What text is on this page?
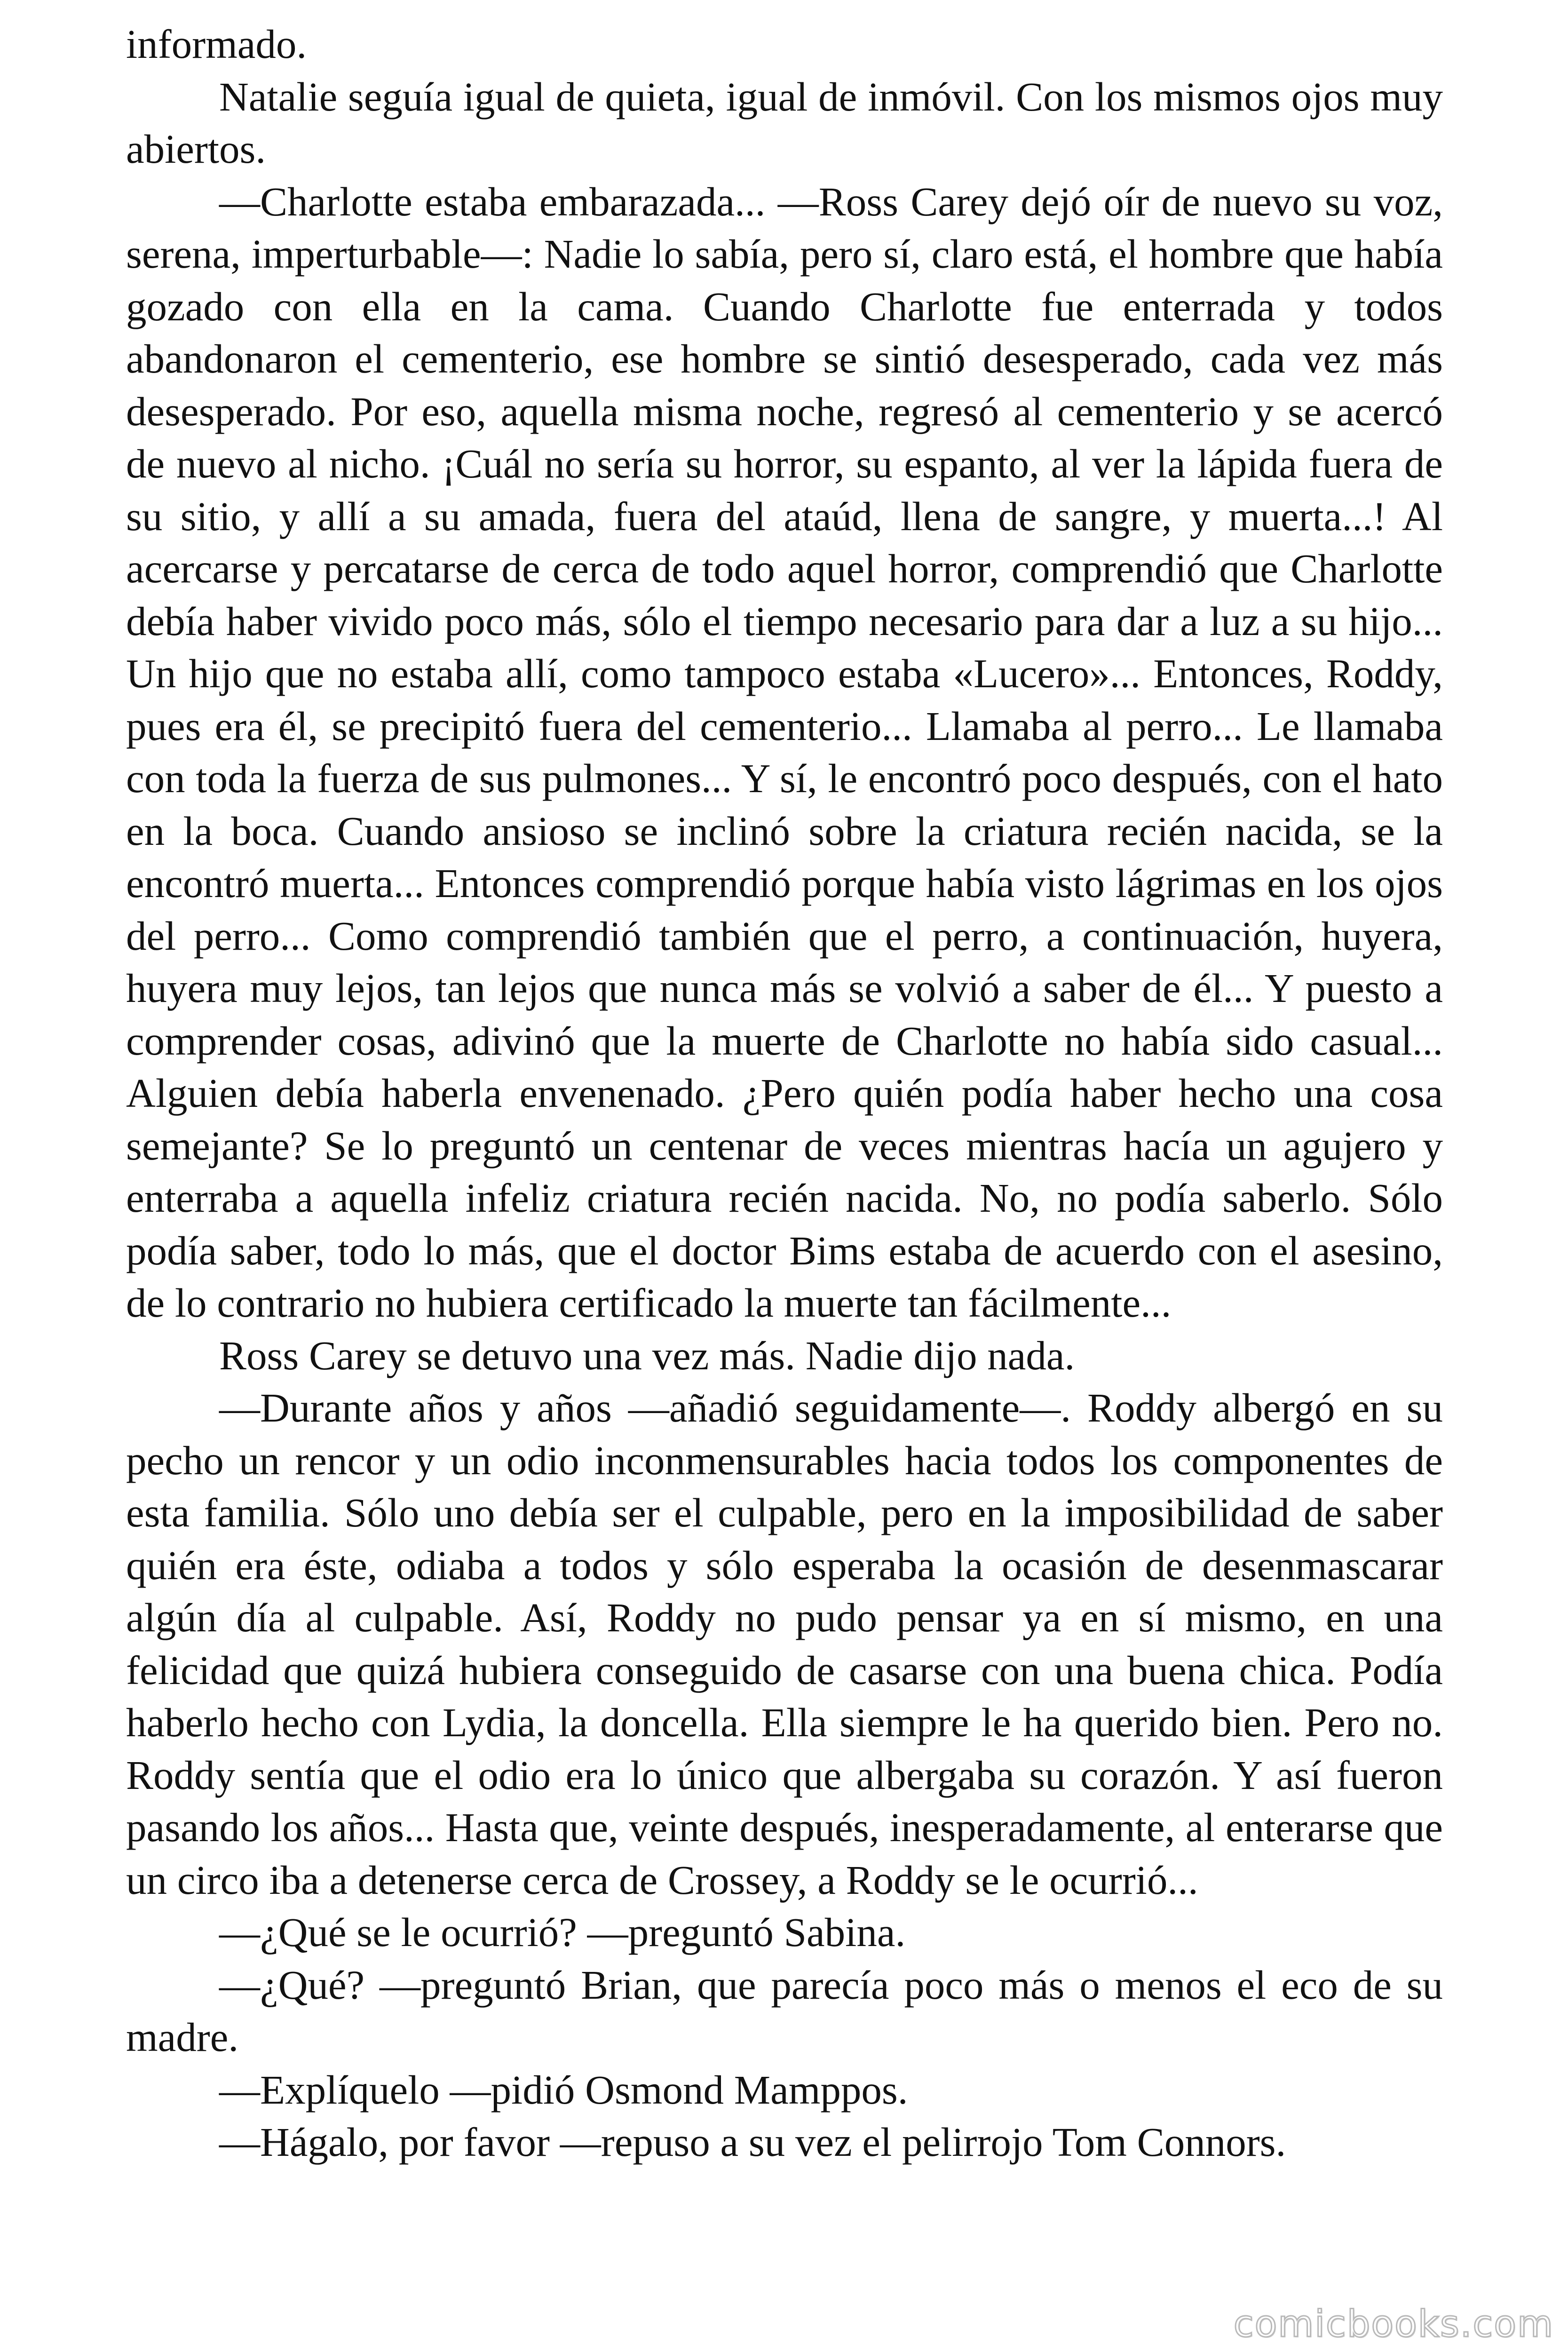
informado.

Natalie seguía igual de quieta, igual de inmóvil. Con los mismos ojos muy abiertos.

—Charlotte estaba embarazada... —Ross Carey dejó oír de nuevo su voz, serena, imperturbable—: Nadie lo sabía, pero sí, claro está, el hombre que había gozado con ella en la cama. Cuando Charlotte fue enterrada y todos abandonaron el cementerio, ese hombre se sintió desesperado, cada vez más desesperado. Por eso, aquella misma noche, regresó al cementerio y se acercó de nuevo al nicho. ¡Cuál no sería su horror, su espanto, al ver la lápida fuera de su sitio, y allí a su amada, fuera del ataúd, llena de sangre, y muerta...! Al acercarse y percatarse de cerca de todo aquel horror, comprendió que Charlotte debía haber vivido poco más, sólo el tiempo necesario para dar a luz a su hijo... Un hijo que no estaba allí, como tampoco estaba «Lucero»... Entonces, Roddy, pues era él, se precipitó fuera del cementerio... Llamaba al perro... Le llamaba con toda la fuerza de sus pulmones... Y sí, le encontró poco después, con el hato en la boca. Cuando ansioso se inclinó sobre la criatura recién nacida, se la encontró muerta... Entonces comprendió porque había visto lágrimas en los ojos del perro... Como comprendió también que el perro, a continuación, huyera, huyera muy lejos, tan lejos que nunca más se volvió a saber de él... Y puesto a comprender cosas, adivinó que la muerte de Charlotte no había sido casual... Alguien debía haberla envenenado. ¿Pero quién podía haber hecho una cosa semejante? Se lo preguntó un centenar de veces mientras hacía un agujero y enterraba a aquella infeliz criatura recién nacida. No, no podía saberlo. Sólo podía saber, todo lo más, que el doctor Bims estaba de acuerdo con el asesino, de lo contrario no hubiera certificado la muerte tan fácilmente...

Ross Carey se detuvo una vez más. Nadie dijo nada.

—Durante años y años —añadió seguidamente—. Roddy albergó en su pecho un rencor y un odio inconmensurables hacia todos los componentes de esta familia. Sólo uno debía ser el culpable, pero en la imposibilidad de saber quién era éste, odiaba a todos y sólo esperaba la ocasión de desenmascarar algún día al culpable. Así, Roddy no pudo pensar ya en sí mismo, en una felicidad que quizá hubiera conseguido de casarse con una buena chica. Podía haberlo hecho con Lydia, la doncella. Ella siempre le ha querido bien. Pero no. Roddy sentía que el odio era lo único que albergaba su corazón. Y así fueron pasando los años... Hasta que, veinte después, inesperadamente, al enterarse que un circo iba a detenerse cerca de Crossey, a Roddy se le ocurrió...

—¿Qué se le ocurrió? —preguntó Sabina.

—¿Qué? —preguntó Brian, que parecía poco más o menos el eco de su madre.

—Explíquelo —pidió Osmond Mamppos.

—Hágalo, por favor —repuso a su vez el pelirrojo Tom Connors.

comicbooks.com
